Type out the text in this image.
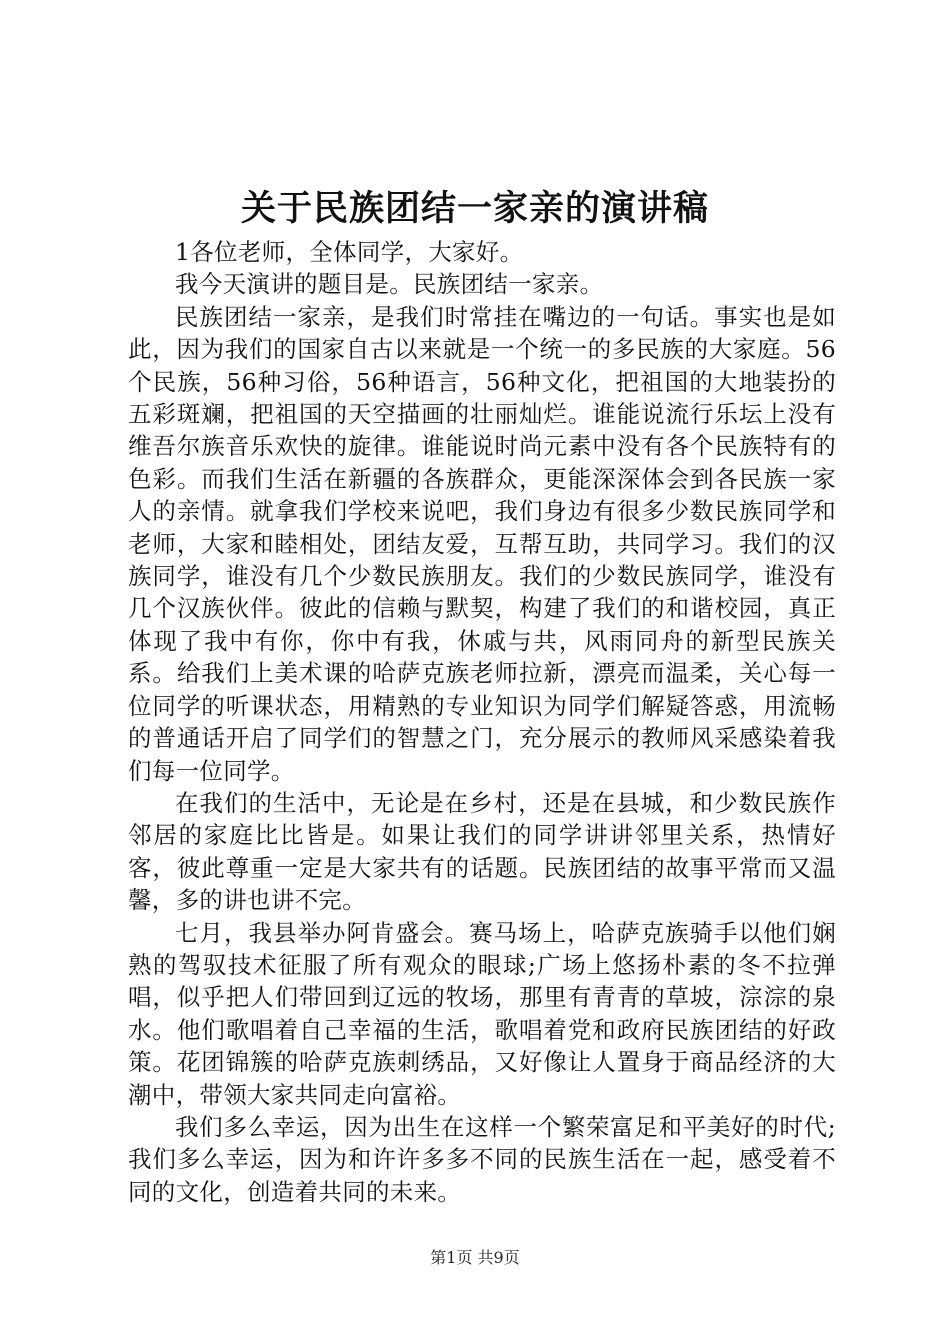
关于民族团结一家亲的演讲稿

1各位老师，全体同学，大家好。

我今天演讲的题目是。民族团结一家亲。

民族团结一家亲，是我们时常挂在嘴边的一句话。事实也是如此，因为我们的国家自古以来就是一个统一的多民族的大家庭。56个民族，56种习俗，56种语言，56种文化，把祖国的大地装扮的五彩斑斓，把祖国的天空描画的壮丽灿烂。谁能说流行乐坛上没有维吾尔族音乐欢快的旋律。谁能说时尚元素中没有各个民族特有的色彩。而我们生活在新疆的各族群众，更能深深体会到各民族一家人的亲情。就拿我们学校来说吧，我们身边有很多少数民族同学和老师，大家和睦相处，团结友爱，互帮互助，共同学习。我们的汉族同学，谁没有几个少数民族朋友。我们的少数民族同学，谁没有几个汉族伙伴。彼此的信赖与默契，构建了我们的和谐校园，真正体现了我中有你，你中有我，休戚与共，风雨同舟的新型民族关系。给我们上美术课的哈萨克族老师拉新，漂亮而温柔，关心每一位同学的听课状态，用精熟的专业知识为同学们解疑答惑，用流畅的普通话开启了同学们的智慧之门，充分展示的教师风采感染着我们每一位同学。

在我们的生活中，无论是在乡村，还是在县城，和少数民族作邻居的家庭比比皆是。如果让我们的同学讲讲邻里关系，热情好客，彼此尊重一定是大家共有的话题。民族团结的故事平常而又温馨，多的讲也讲不完。

七月，我县举办阿肯盛会。赛马场上，哈萨克族骑手以他们娴熟的驾驭技术征服了所有观众的眼球;广场上悠扬朴素的冬不拉弹唱，似乎把人们带回到辽远的牧场，那里有青青的草坡，淙淙的泉水。他们歌唱着自己幸福的生活，歌唱着党和政府民族团结的好政策。花团锦簇的哈萨克族刺绣品，又好像让人置身于商品经济的大潮中，带领大家共同走向富裕。

我们多么幸运，因为出生在这样一个繁荣富足和平美好的时代;我们多么幸运，因为和许许多多不同的民族生活在一起，感受着不同的文化，创造着共同的未来。

第1页 共9页
